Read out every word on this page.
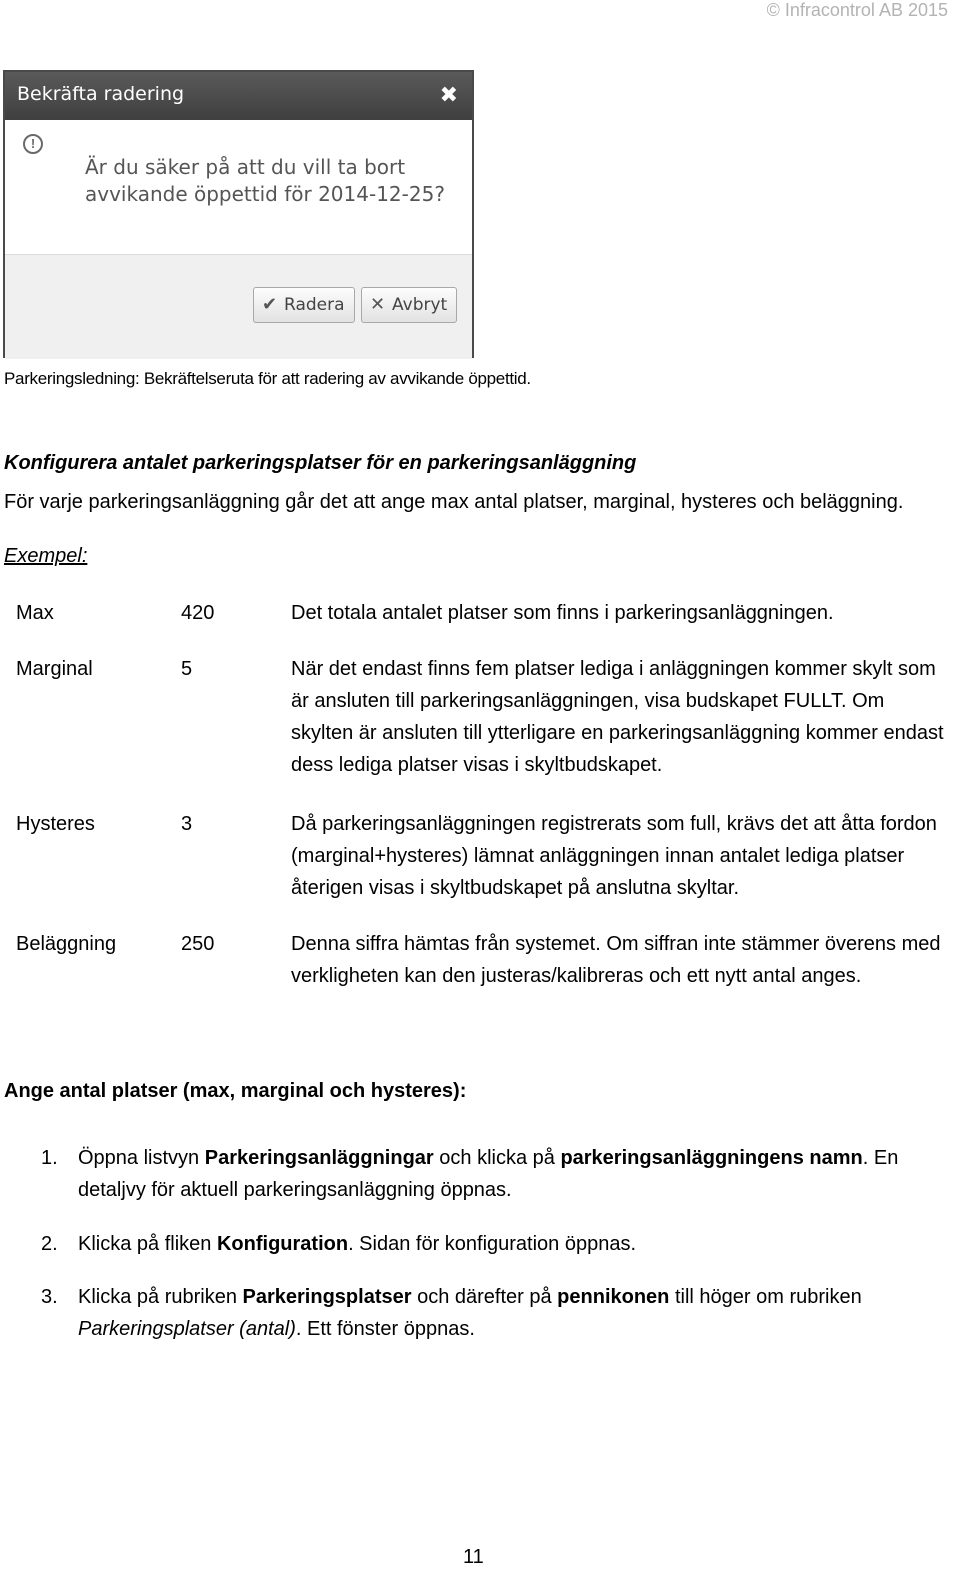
© Infracontrol AB 2015
Bekräfta radering	✖
!
Är du säker på att du vill ta bort avvikande öppettid för 2014-12-25?
✔ Radera	✕ Avbryt
Parkeringsledning: Bekräftelseruta för att radering av avvikande öppettid.
Konfigurera antalet parkeringsplatser för en parkeringsanläggning
För varje parkeringsanläggning går det att ange max antal platser, marginal, hysteres och beläggning.
Exempel:
Max	420	Det totala antalet platser som finns i parkeringsanläggningen.
Marginal	5	När det endast finns fem platser lediga i anläggningen kommer skylt som är ansluten till parkeringsanläggningen, visa budskapet FULLT. Om skylten är ansluten till ytterligare en parkeringsanläggning kommer endast dess lediga platser visas i skyltbudskapet.
Hysteres	3	Då parkeringsanläggningen registrerats som full, krävs det att åtta fordon (marginal+hysteres) lämnat anläggningen innan antalet lediga platser återigen visas i skyltbudskapet på anslutna skyltar.
Beläggning	250	Denna siffra hämtas från systemet. Om siffran inte stämmer överens med verkligheten kan den justeras/kalibreras och ett nytt antal anges.
Ange antal platser (max, marginal och hysteres):
1. Öppna listvyn Parkeringsanläggningar och klicka på parkeringsanläggningens namn. En detaljvy för aktuell parkeringsanläggning öppnas.
2. Klicka på fliken Konfiguration. Sidan för konfiguration öppnas.
3. Klicka på rubriken Parkeringsplatser och därefter på pennikonen till höger om rubriken Parkeringsplatser (antal). Ett fönster öppnas.
11
